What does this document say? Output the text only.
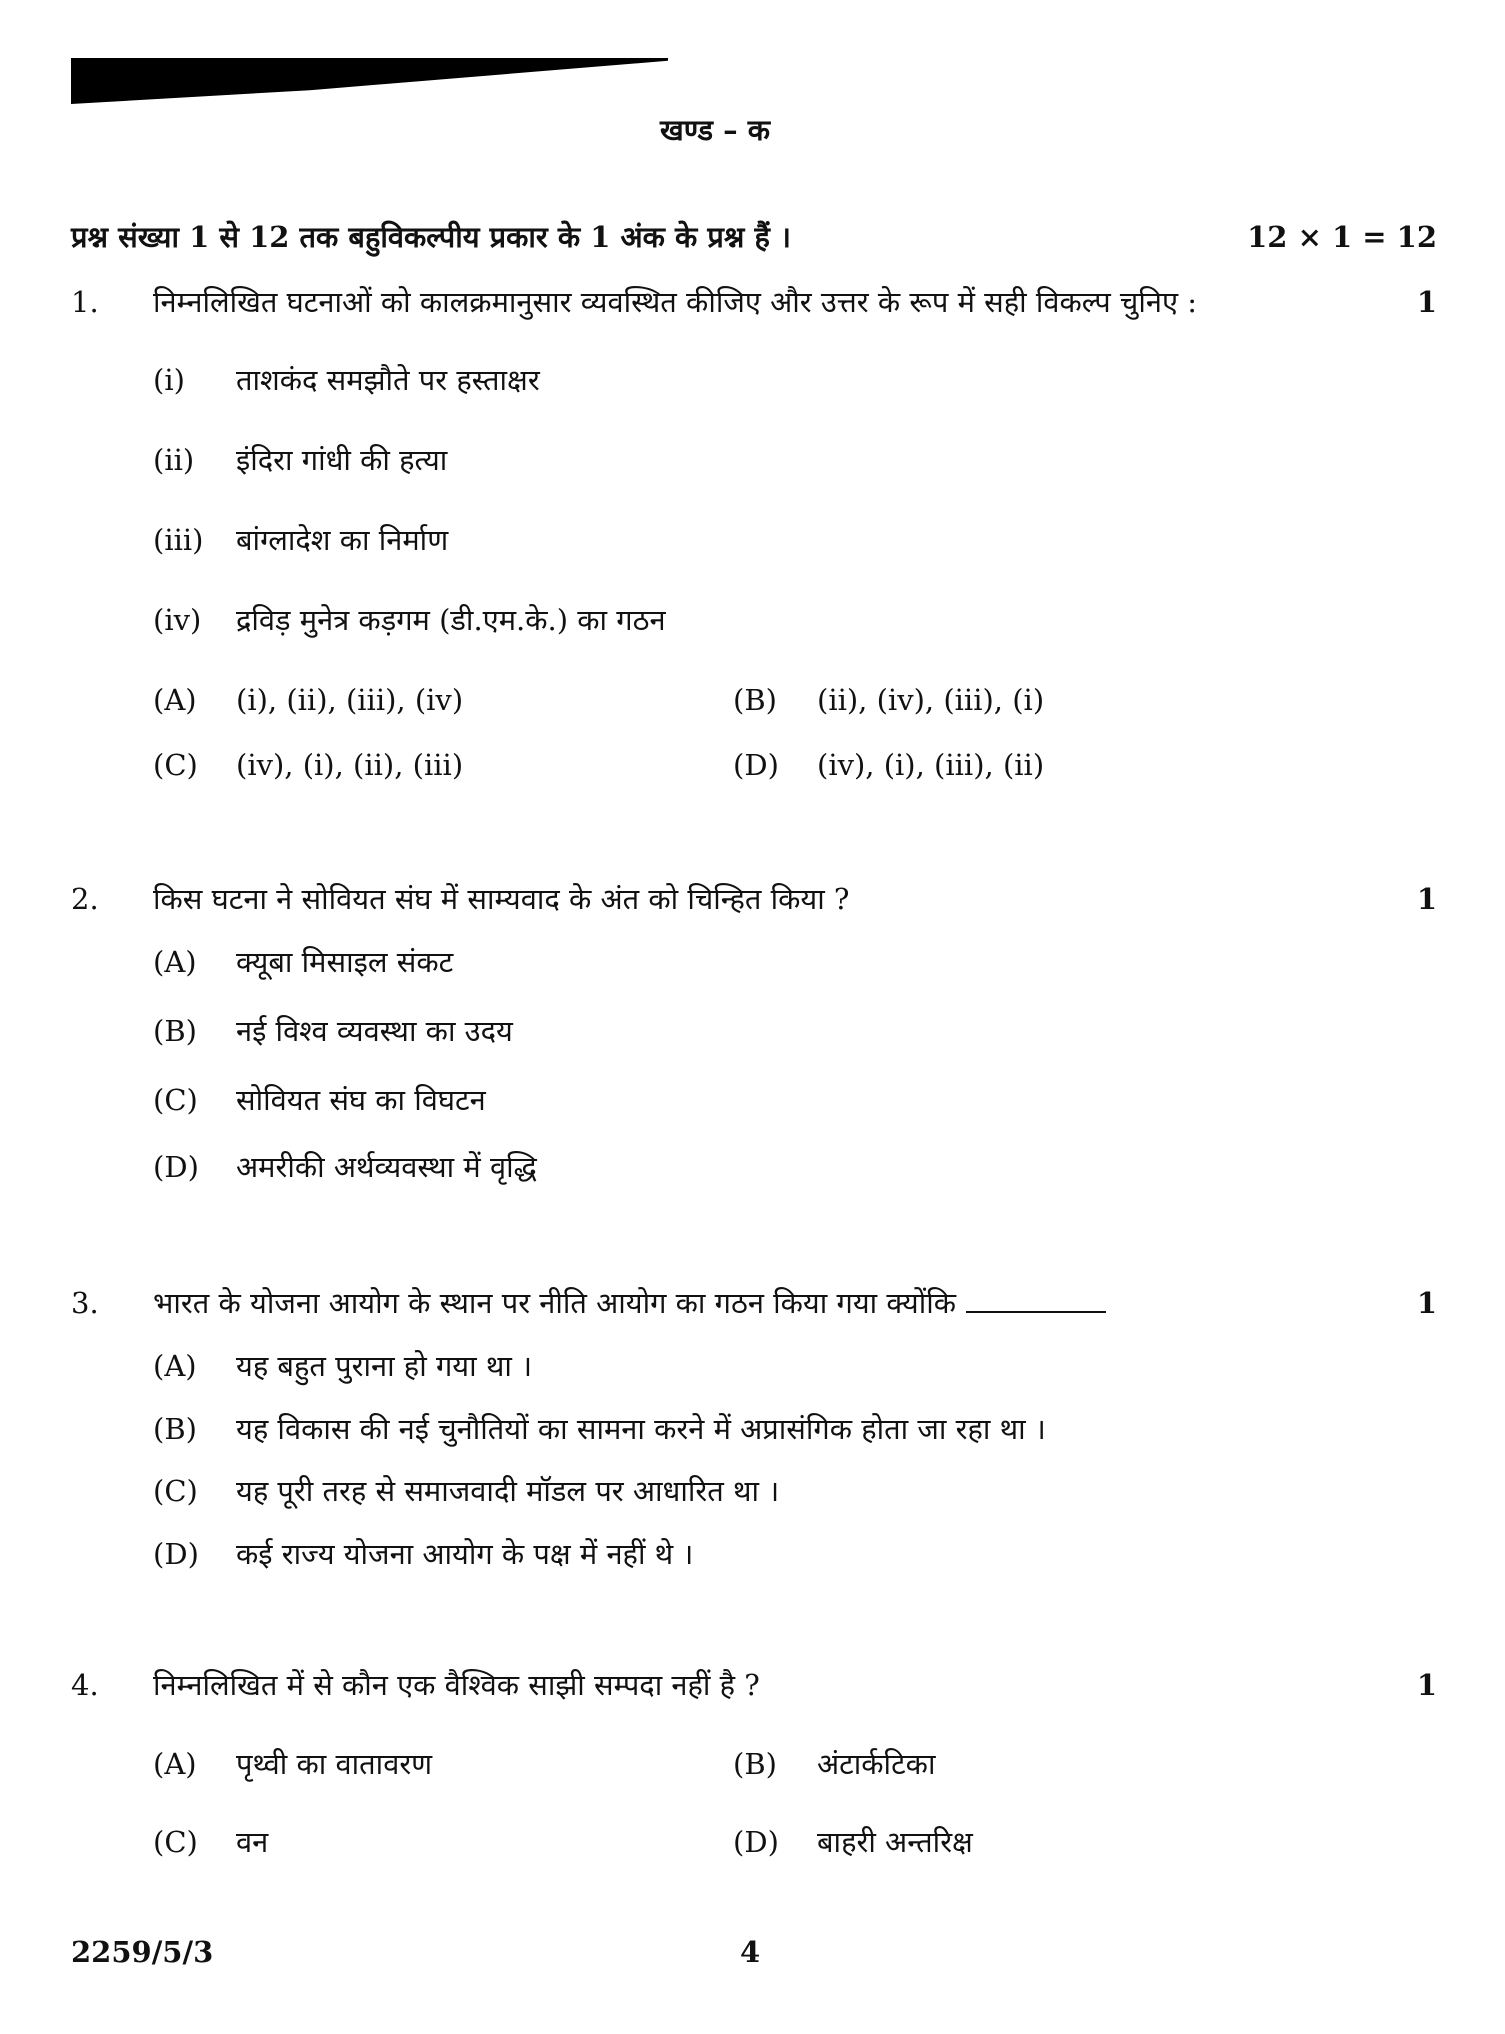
खण्ड – क
प्रश्न संख्या 1 से 12 तक बहुविकल्पीय प्रकार के 1 अंक के प्रश्न हैं ।	12 × 1 = 12
1. निम्नलिखित घटनाओं को कालक्रमानुसार व्यवस्थित कीजिए और उत्तर के रूप में सही विकल्प चुनिए :	1
(i) ताशकंद समझौते पर हस्ताक्षर
(ii) इंदिरा गांधी की हत्या
(iii) बांग्लादेश का निर्माण
(iv) द्रविड़ मुनेत्र कड़गम (डी.एम.के.) का गठन
(A) (i), (ii), (iii), (iv)	(B) (ii), (iv), (iii), (i)
(C) (iv), (i), (ii), (iii)	(D) (iv), (i), (iii), (ii)
2. किस घटना ने सोवियत संघ में साम्यवाद के अंत को चिन्हित किया ?	1
(A) क्यूबा मिसाइल संकट
(B) नई विश्व व्यवस्था का उदय
(C) सोवियत संघ का विघटन
(D) अमरीकी अर्थव्यवस्था में वृद्धि
3. भारत के योजना आयोग के स्थान पर नीति आयोग का गठन किया गया क्योंकि	1
(A) यह बहुत पुराना हो गया था ।
(B) यह विकास की नई चुनौतियों का सामना करने में अप्रासंगिक होता जा रहा था ।
(C) यह पूरी तरह से समाजवादी मॉडल पर आधारित था ।
(D) कई राज्य योजना आयोग के पक्ष में नहीं थे ।
4. निम्नलिखित में से कौन एक वैश्विक साझी सम्पदा नहीं है ?	1
(A) पृथ्वी का वातावरण	(B) अंटार्कटिका
(C) वन	(D) बाहरी अन्तरिक्ष
2259/5/3	4
